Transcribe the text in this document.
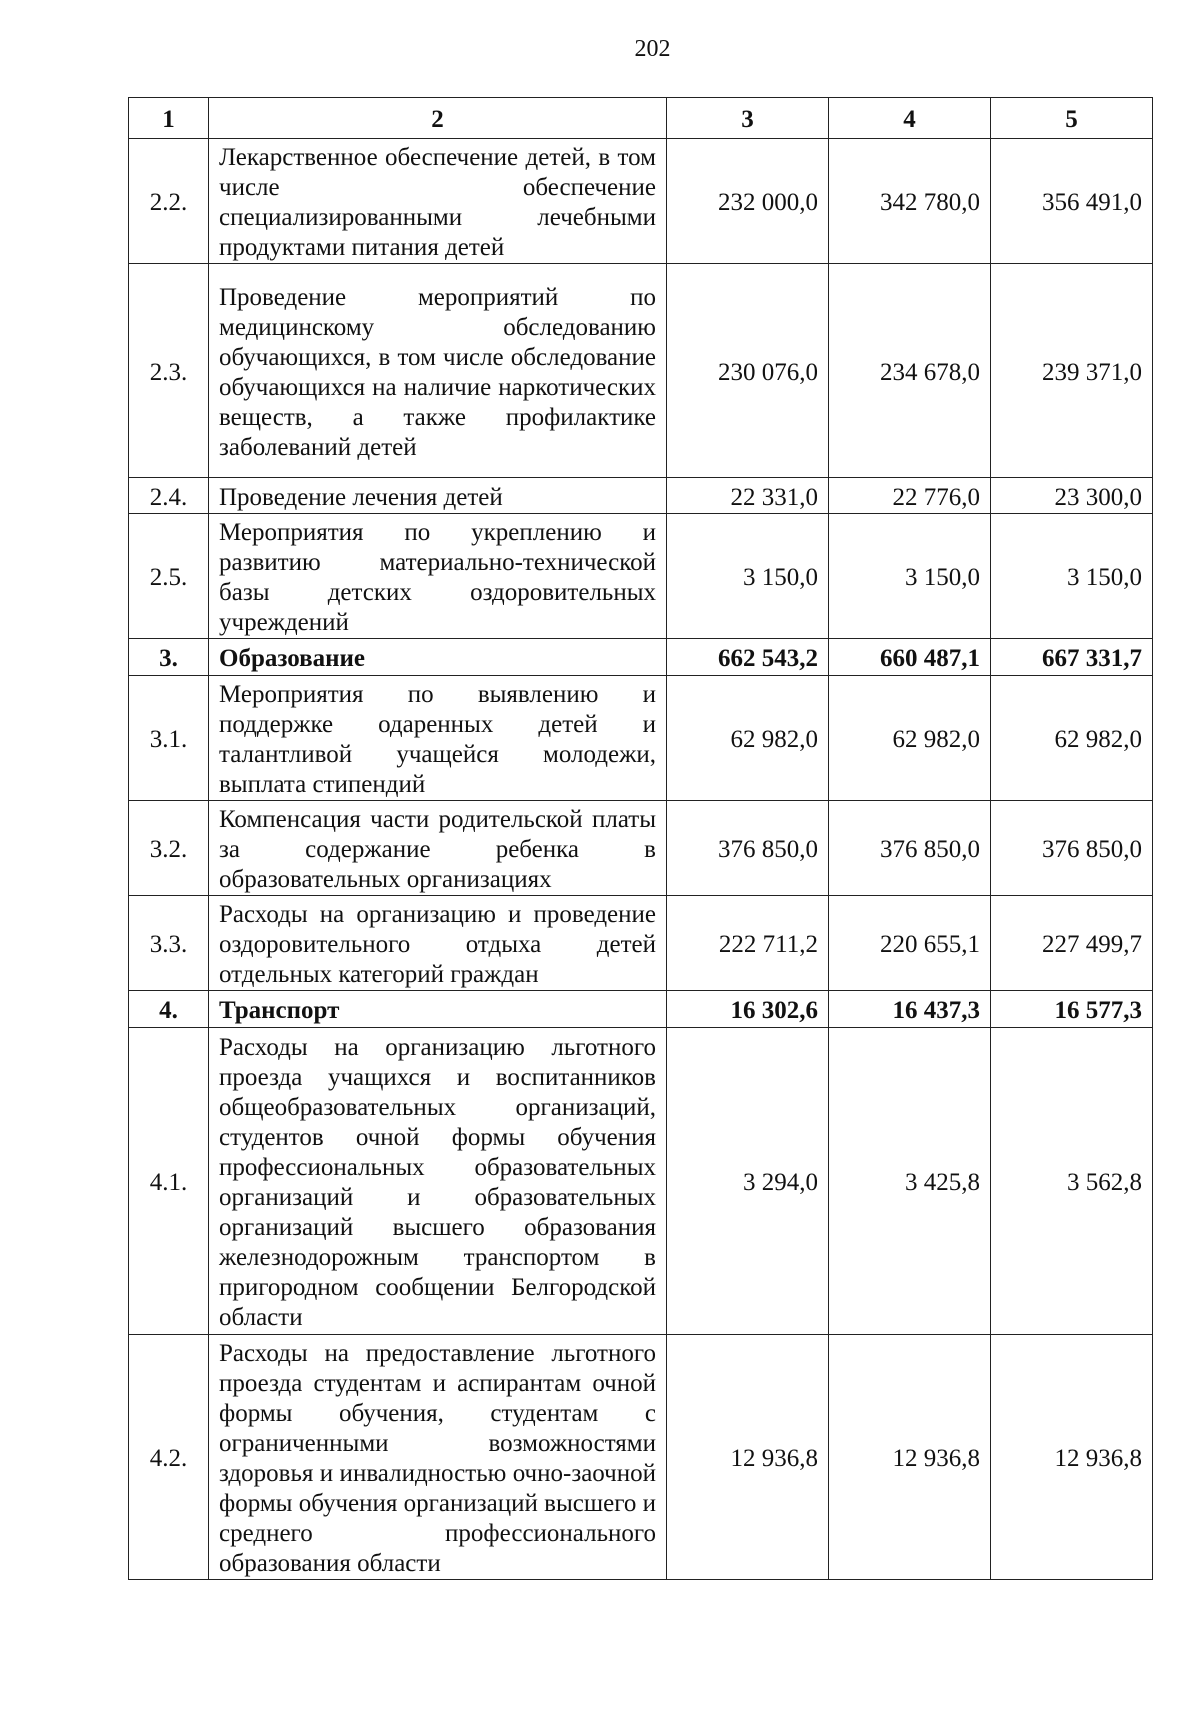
202
1	2	3	4	5
2.2.	Лекарственное обеспечение детей, в том числе обеспечение специализированными лечебными продуктами питания детей	232 000,0	342 780,0	356 491,0
2.3.	Проведение мероприятий по медицинскому обследованию обучающихся, в том числе обследование обучающихся на наличие наркотических веществ, а также профилактике заболеваний детей	230 076,0	234 678,0	239 371,0
2.4.	Проведение лечения детей	22 331,0	22 776,0	23 300,0
2.5.	Мероприятия по укреплению и развитию материально-технической базы детских оздоровительных учреждений	3 150,0	3 150,0	3 150,0
3.	Образование	662 543,2	660 487,1	667 331,7
3.1.	Мероприятия по выявлению и поддержке одаренных детей и талантливой учащейся молодежи, выплата стипендий	62 982,0	62 982,0	62 982,0
3.2.	Компенсация части родительской платы за содержание ребенка в образовательных организациях	376 850,0	376 850,0	376 850,0
3.3.	Расходы на организацию и проведение оздоровительного отдыха детей отдельных категорий граждан	222 711,2	220 655,1	227 499,7
4.	Транспорт	16 302,6	16 437,3	16 577,3
4.1.	Расходы на организацию льготного проезда учащихся и воспитанников общеобразовательных организаций, студентов очной формы обучения профессиональных образовательных организаций и образовательных организаций высшего образования железнодорожным транспортом в пригородном сообщении Белгородской области	3 294,0	3 425,8	3 562,8
4.2.	Расходы на предоставление льготного проезда студентам и аспирантам очной формы обучения, студентам с ограниченными возможностями здоровья и инвалидностью очно-заочной формы обучения организаций высшего и среднего профессионального образования области	12 936,8	12 936,8	12 936,8
